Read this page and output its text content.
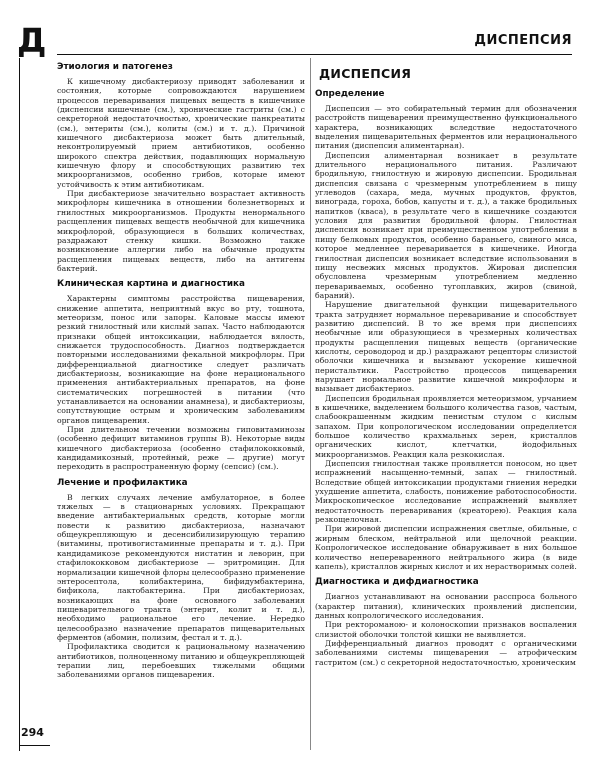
Д	ДИСПЕПСИЯ
Этиология и патогенез

К кишечному дисбактериозу приводят заболевания и состояния, которые сопровождаются нарушением процессов переваривания пищевых веществ в кишечнике (диспепсии кишечные (см.), хронические гастриты (см.) с секреторной недостаточностью, хронические панкреатиты (см.), энтериты (см.), колиты (см.) и т. д.). Причиной кишечного дисбактериоза может быть длительный, неконтролируемый прием антибиотиков, особенно широкого спектра действия, подавляющих нормальную кишечную флору и способствующих развитию тех микроорганизмов, особенно грибов, которые имеют устойчивость к этим антибиотикам.

При дисбактериозе значительно возрастает активность микрофлоры кишечника в отношении болезнетворных и гнилостных микроорганизмов. Продукты ненормального расщепления пищевых веществ необычной для кишечника микрофлорой, образующиеся в больших количествах, раздражают стенку кишки. Возможно также возникновение аллергии либо на обычные продукты расщепления пищевых веществ, либо на антигены бактерий.

Клиническая картина и диагностика

Характерны симптомы расстройства пищеварения, снижение аппетита, неприятный вкус во рту, тошнота, метеоризм, понос или запоры. Каловые массы имеют резкий гнилостный или кислый запах. Часто наблюдаются признаки общей интоксикации, наблюдается вялость, снижается трудоспособность. Диагноз подтверждается повторными исследованиями фекальной микрофлоры. При дифференциальной диагностике следует различать дисбактериозы, возникающие на фоне нерационального применения антибактериальных препаратов, на фоне систематических погрешностей в питании (что устанавливается на основании анамнеза), и дисбактериозы, сопутствующие острым и хроническим заболеваниям органов пищеварения.

При длительном течении возможны гиповитаминозы (особенно дефицит витаминов группы В). Некоторые виды кишечного дисбактериоза (особенно стафилококковый, кандидамикозный, протейный, реже — другие) могут переходить в распространенную форму (сепсис) (см.).

Лечение и профилактика

В легких случаях лечение амбулаторное, в более тяжелых — в стационарных условиях. Прекращают введение антибактериальных средств, которые могли повести к развитию дисбактериоза, назначают общеукрепляющую и десенсибилизирующую терапию (витамины, противогистаминные препараты и т. д.). При кандидамикозе рекомендуются нистатин и леворин, при стафилококковом дисбактериозе — эритромицин. Для нормализации кишечной флоры целесообразно применение энтеросептола, колибактерина, бифидумбактерина, бификола, лактобактерина. При дисбактериозах, возникающих на фоне основного заболевания пищеварительного тракта (энтерит, колит и т. д.), необходимо рациональное его лечение. Нередко целесообразно назначение препаратов пищеварительных ферментов (абомин, полизим, фестал и т. д.).

Профилактика сводится к рациональному назначению антибиотиков, полноценному питанию и общеукрепляющей терапии лиц, перебоевших тяжелыми общими заболеваниями органов пищеварения.

ДИСПЕПСИЯ
Определение

Диспепсия — это собирательный термин для обозначения расстройств пищеварения преимущественно функционального характера, возникающих вследствие недостаточного выделения пищеварительных ферментов или нерационального питания (диспепсия алиментарная).

Диспепсия алиментарная возникает в результате длительного нерационального питания. Различают бродильную, гнилостную и жировую диспепсии. Бродильная диспепсия связана с чрезмерным употреблением в пищу углеводов (сахара, меда, мучных продуктов, фруктов, винограда, гороха, бобов, капусты и т. д.), а также бродильных напитков (кваса), в результате чего в кишечнике создаются условия для развития бродильной флоры. Гнилостная диспепсия возникает при преимущественном употреблении в пищу белковых продуктов, особенно бараньего, свиного мяса, которое медленнее переваривается в кишечнике. Иногда гнилостная диспепсия возникает вследствие использования в пищу несвежих мясных продуктов. Жировая диспепсия обусловлена чрезмерным употреблением медленно перевариваемых, особенно тугоплавких, жиров (свиной, бараний).

Нарушение двигательной функции пищеварительного тракта затрудняет нормальное переваривание и способствует развитию диспепсий. В то же время при диспепсиях необычные или образующиеся в чрезмерных количествах продукты расщепления пищевых веществ (органические кислоты, сероводород и др.) раздражают рецепторы слизистой оболочки кишечника и вызывают ускорение кишечной перистальтики. Расстройство процессов пищеварения нарушает нормальное развитие кишечной микрофлоры и вызывает дисбактериоз.

Диспепсия бродильная проявляется метеоризмом, урчанием в кишечнике, выделением большого количества газов, частым, слабоокрашенным жидким пенистым стулом с кислым запахом. При копрологическом исследовании определяется большое количество крахмальных зерен, кристаллов органических кислот, клетчатки, йодофильных микроорганизмов. Реакция кала резкокислая.

Диспепсия гнилостная также проявляется поносом, но цвет испражнений насыщенно-темный, запах — гнилостный. Вследствие общей интоксикации продуктами гниения нередки ухудшение аппетита, слабость, понижение работоспособности. Микроскопическое исследование испражнений выявляет недостаточность переваривания (креаторею). Реакция кала резкощелочная.

При жировой диспепсии испражнения светлые, обильные, с жирным блеском, нейтральной или щелочной реакции. Копрологическое исследование обнаруживает в них большое количество непереваренного нейтрального жира (в виде капель), кристаллов жирных кислот и их нерастворимых солей.

Диагностика и дифдиагностика

Диагноз устанавливают на основании расспроса больного (характер питания), клинических проявлений диспепсии, данных копрологического исследования.

При ректороманою- и колоноскопии признаков воспаления слизистой оболочки толстой кишки не выявляется.

Дифференциальный диагноз проводят с органическими заболеваниями системы пищеварения — атрофическим гастритом (см.) с секреторной недостаточностью, хроническим

294
